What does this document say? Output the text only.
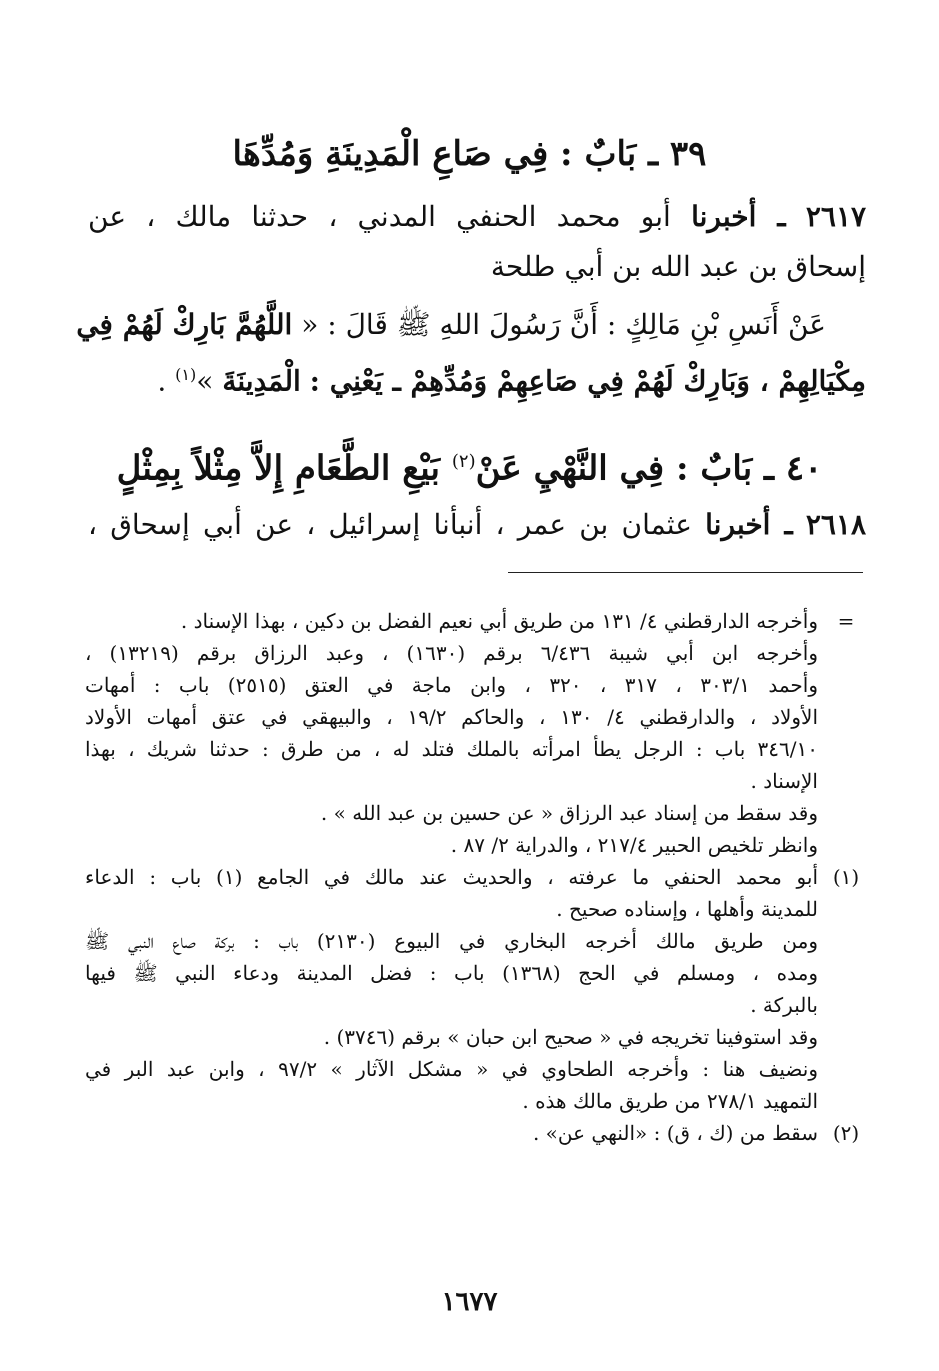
٣٩ ـ بَابٌ : فِي صَاعِ الْمَدِينَةِ وَمُدِّهَا
٢٦١٧ ـ أخبرنا أبو محمد الحنفي المدني ، حدثنا مالك ، عن
إسحاق بن عبد الله بن أبي طلحة
عَنْ أَنَسِ بْنِ مَالِكٍ : أَنَّ رَسُولَ اللهِ ﷺ قَالَ : « اللَّهُمَّ بَارِكْ لَهُمْ فِي
مِكْيَالِهِمْ ، وَبَارِكْ لَهُمْ فِي صَاعِهِمْ وَمُدِّهِمْ ـ يَعْنِي : الْمَدِينَةَ »$^{(١)}$ .
٤٠ ـ بَابٌ : فِي النَّهْيِ عَنْ$^{(٢)}$ بَيْعِ الطَّعَامِ إِلاَّ مِثْلاً بِمِثْلٍ
٢٦١٨ ـ أخبرنا عثمان بن عمر ، أنبأنا إسرائيل ، عن أبي إسحاق ،
=
وأخرجه الدارقطني ٤/ ١٣١ من طريق أبي نعيم الفضل بن دكين ، بهذا الإسناد .
وأخرجه ابن أبي شيبة ٦/٤٣٦ برقم (١٦٣٠) ، وعبد الرزاق برقم (١٣٢١٩) ،
وأحمد ٣٠٣/١ ، ٣١٧ ، ٣٢٠ ، وابن ماجة في العتق (٢٥١٥) باب : أمهات
الأولاد ، والدارقطني ٤/ ١٣٠ ، والحاكم ١٩/٢ ، والبيهقي في عتق أمهات الأولاد
٣٤٦/١٠ باب : الرجل يطأ امرأته بالملك فتلد له ، من طرق : حدثنا شريك ، بهذا
الإسناد .
وقد سقط من إسناد عبد الرزاق « عن حسين بن عبد الله » .
وانظر تلخيص الحبير ٢١٧/٤ ، والدراية ٢/ ٨٧ .
(١)
أبو محمد الحنفي ما عرفته ، والحديث عند مالك في الجامع (١) باب : الدعاء
للمدينة وأهلها ، وإسناده صحيح .
ومن طريق مالك أخرجه البخاري في البيوع (٢١٣٠) باب : بركة صاع النبي ﷺ
ومده ، ومسلم في الحج (١٣٦٨) باب : فضل المدينة ودعاء النبي ﷺ فيها
بالبركة .
وقد استوفينا تخريجه في « صحيح ابن حبان » برقم (٣٧٤٦) .
ونضيف هنا : وأخرجه الطحاوي في « مشكل الآثار » ٩٧/٢ ، وابن عبد البر في
التمهيد ٢٧٨/١ من طريق مالك هذه .
(٢)
سقط من (ك ، ق) : «النهي عن» .
١٦٧٧
